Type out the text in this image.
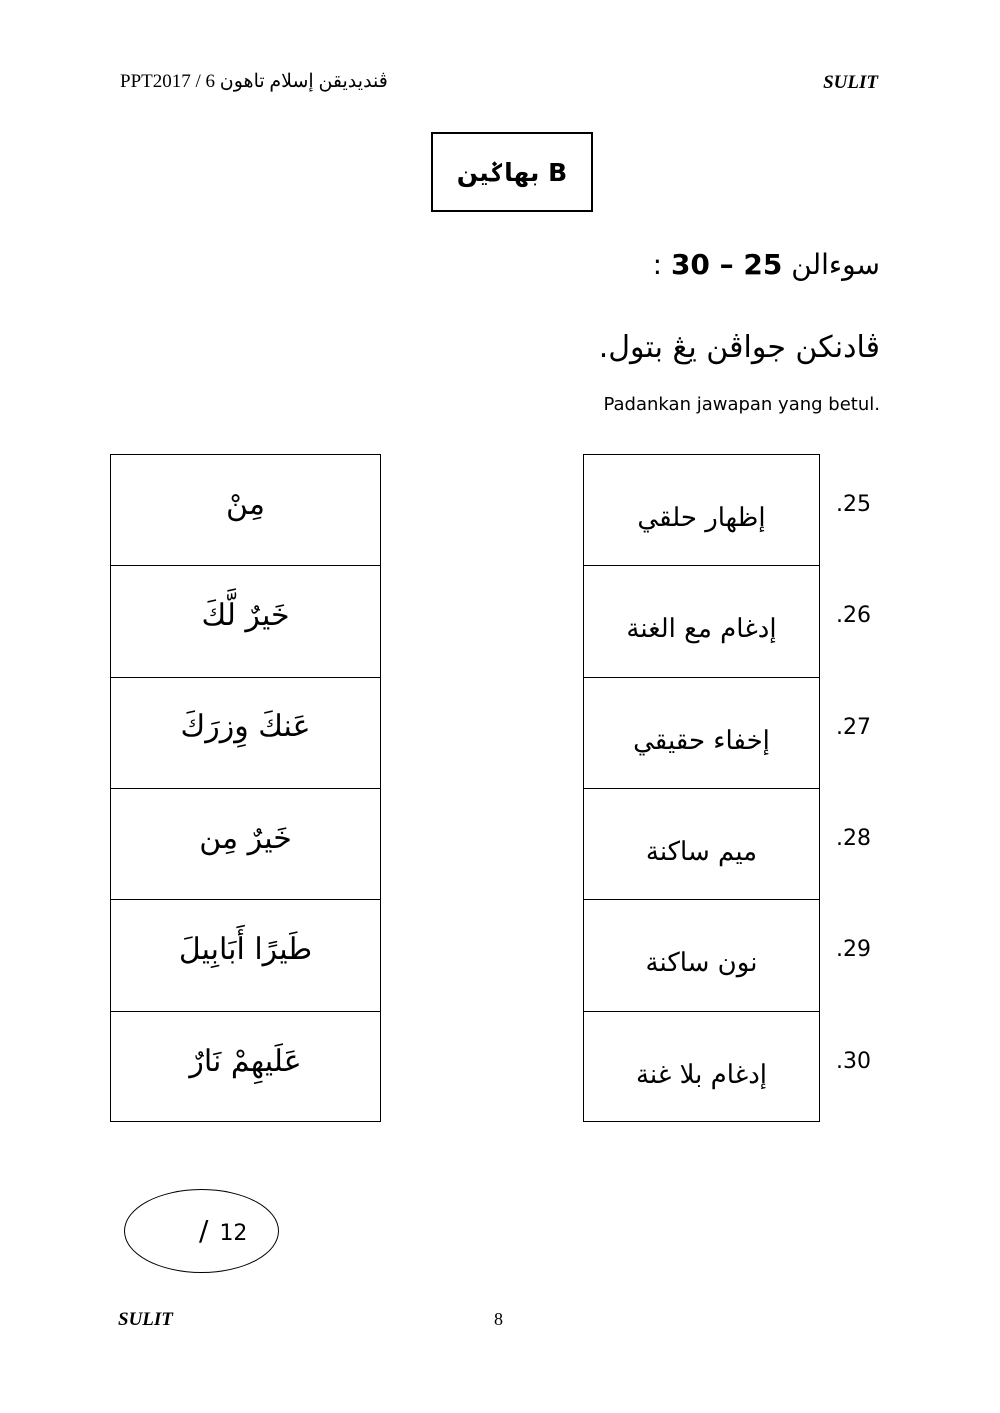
PPT2017 / ڤنديديقن إسلام تاهون 6	SULIT
بهاݢين B
سوءالن 30 – 25 :
ڤادنكن جواڤن يڠ بتول.
Padankan jawapan yang betul.
مِنْ
خَيرٌ لَّكَ
عَنكَ وِزرَكَ
خَيرٌ مِن
طَيرًا أَبَابِيلَ
عَلَيهِمْ نَارٌ
إظهار حلقي
إدغام مع الغنة
إخفاء حقيقي
ميم ساكنة
نون ساكنة
إدغام بلا غنة
.25
.26
.27
.28
.29
.30
/ 12
SULIT	8
